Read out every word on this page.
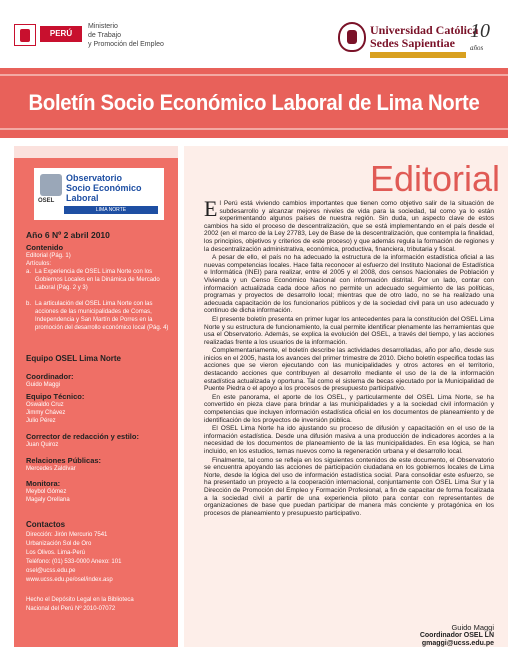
PERÚ
Ministerio
de Trabajo
y Promoción del Empleo
Universidad Católica
Sedes Sapientiae
10
años
Boletín Socio Económico Laboral de Lima Norte
OSEL
Observatorio
Socio Económico
Laboral
LIMA NORTE
Año 6 Nº 2 abril 2010
Contenido
Editorial (Pág. 1)
Artículos:
a. La Experiencia de OSEL Lima Norte con los Gobiernos Locales en la Dinámica de Mercado Laboral (Pág. 2 y 3)
b. La articulación del OSEL Lima Norte con las acciones de las municipalidades de Comas, Independencia y San Martín de Porres en la promoción del desarrollo económico local (Pág. 4)
Equipo OSEL Lima Norte
Coordinador:
Guido Maggi
Equipo Técnico:
Oswaldo Cruz
Jimmy Chávez
Julio Pérez
Corrector de redacción y estilo:
Juan Quiroz
Relaciones Públicas:
Mercedes Zaldívar
Monitora:
Meybol Gómez
Magaly Orellana
Contactos
Dirección: Jirón Mercurio 7541
Urbanización Sol de Oro
Los Olivos. Lima-Perú
Teléfono: (01) 533-0000 Anexo: 101
osel@ucss.edu.pe
www.ucss.edu.pe/osel/index.asp
Hecho el Depósito Legal en la Biblioteca
Nacional del Perú Nº 2010-07072
Editorial

El Perú está viviendo cambios importantes que tienen como objetivo salir de la situación de subdesarrollo y alcanzar mejores niveles de vida para la sociedad, tal como ya lo están experimentando algunos países de nuestra región. Sin duda, un aspecto clave de estos cambios ha sido el proceso de descentralización, que se está implementando en el país desde el 2002 (en el marco de la Ley 27783, Ley de Base de la descentralización, que contempla la finalidad, los principios, objetivos y criterios de este proceso) y que además regula la formación de regiones y la descentralización administrativa, económica, productiva, financiera, tributaria y fiscal.

A pesar de ello, el país no ha adecuado la estructura de la información estadística oficial a las nuevas competencias locales. Hace falta reconocer al esfuerzo del Instituto Nacional de Estadística e Informática (INEI) para realizar, entre el 2005 y el 2008, dos censos Nacionales de Población y Vivienda y un Censo Económico Nacional con información distrital. Por un lado, contar con información actualizada cada doce años no permite un adecuado seguimiento de las políticas, programas y proyectos de desarrollo local; mientras que de otro lado, no se ha realizado una adecuada capacitación de los funcionarios públicos y de la sociedad civil para un uso adecuado y continuo de dicha información.

El presente boletín presenta en primer lugar los antecedentes para la constitución del OSEL Lima Norte y su estructura de funcionamiento, la cual permite identificar plenamente las herramientas que usa el Observatorio. Además, se explica la evolución del OSEL, a través del tiempo, y las acciones realizadas frente a los usuarios de la información.

Complementariamente, el boletín describe las actividades desarrolladas, año por año, desde sus inicios en el 2005, hasta los avances del primer trimestre de 2010. Dicho boletín especifica todas las acciones que se vieron ejecutando con las municipalidades y otros actores en el territorio, destacando acciones que contribuyen al desarrollo mediante el uso de la de la información estadística actualizada y oportuna. Tal como el sistema de becas ejecutado por la Municipalidad de Puente Piedra o el apoyo a los procesos de presupuesto participativo.

En este panorama, el aporte de los OSEL, y particularmente del OSEL Lima Norte, se ha convertido en pieza clave para brindar a las municipalidades y a la sociedad civil información y competencias que incluyen información estadística oficial en los documentos de planeamiento y de identificación de los proyectos de inversión pública.

El OSEL Lima Norte ha ido ajustando su proceso de difusión y capacitación en el uso de la información estadística. Desde una difusión masiva a una producción de indicadores acordes a la necesidad de los documentos de planeamiento de la las municipalidades. En esa lógica, se han incluido, en los estudios, temas nuevos como la regeneración urbana y el desarrollo local.

Finalmente, tal como se refleja en los siguientes contenidos de este documento, el Observatorio se encuentra apoyando las acciones de participación ciudadana en los gobiernos locales de Lima Norte, desde la lógica del uso de información estadística social. Para consolidar este esfuerzo, se ha presentado un proyecto a la cooperación internacional, conjuntamente con OSEL Lima Sur y la Dirección de Promoción del Empleo y Formación Profesional, a fin de capacitar de forma focalizada a la sociedad civil a partir de una experiencia piloto para contar con representantes de organizaciones de base que puedan participar de manera más conciente y protagónica en los procesos de planeamiento y presupuesto participativo.

Guido Maggi
Coordinador OSEL LN
gmaggi@ucss.edu.pe
